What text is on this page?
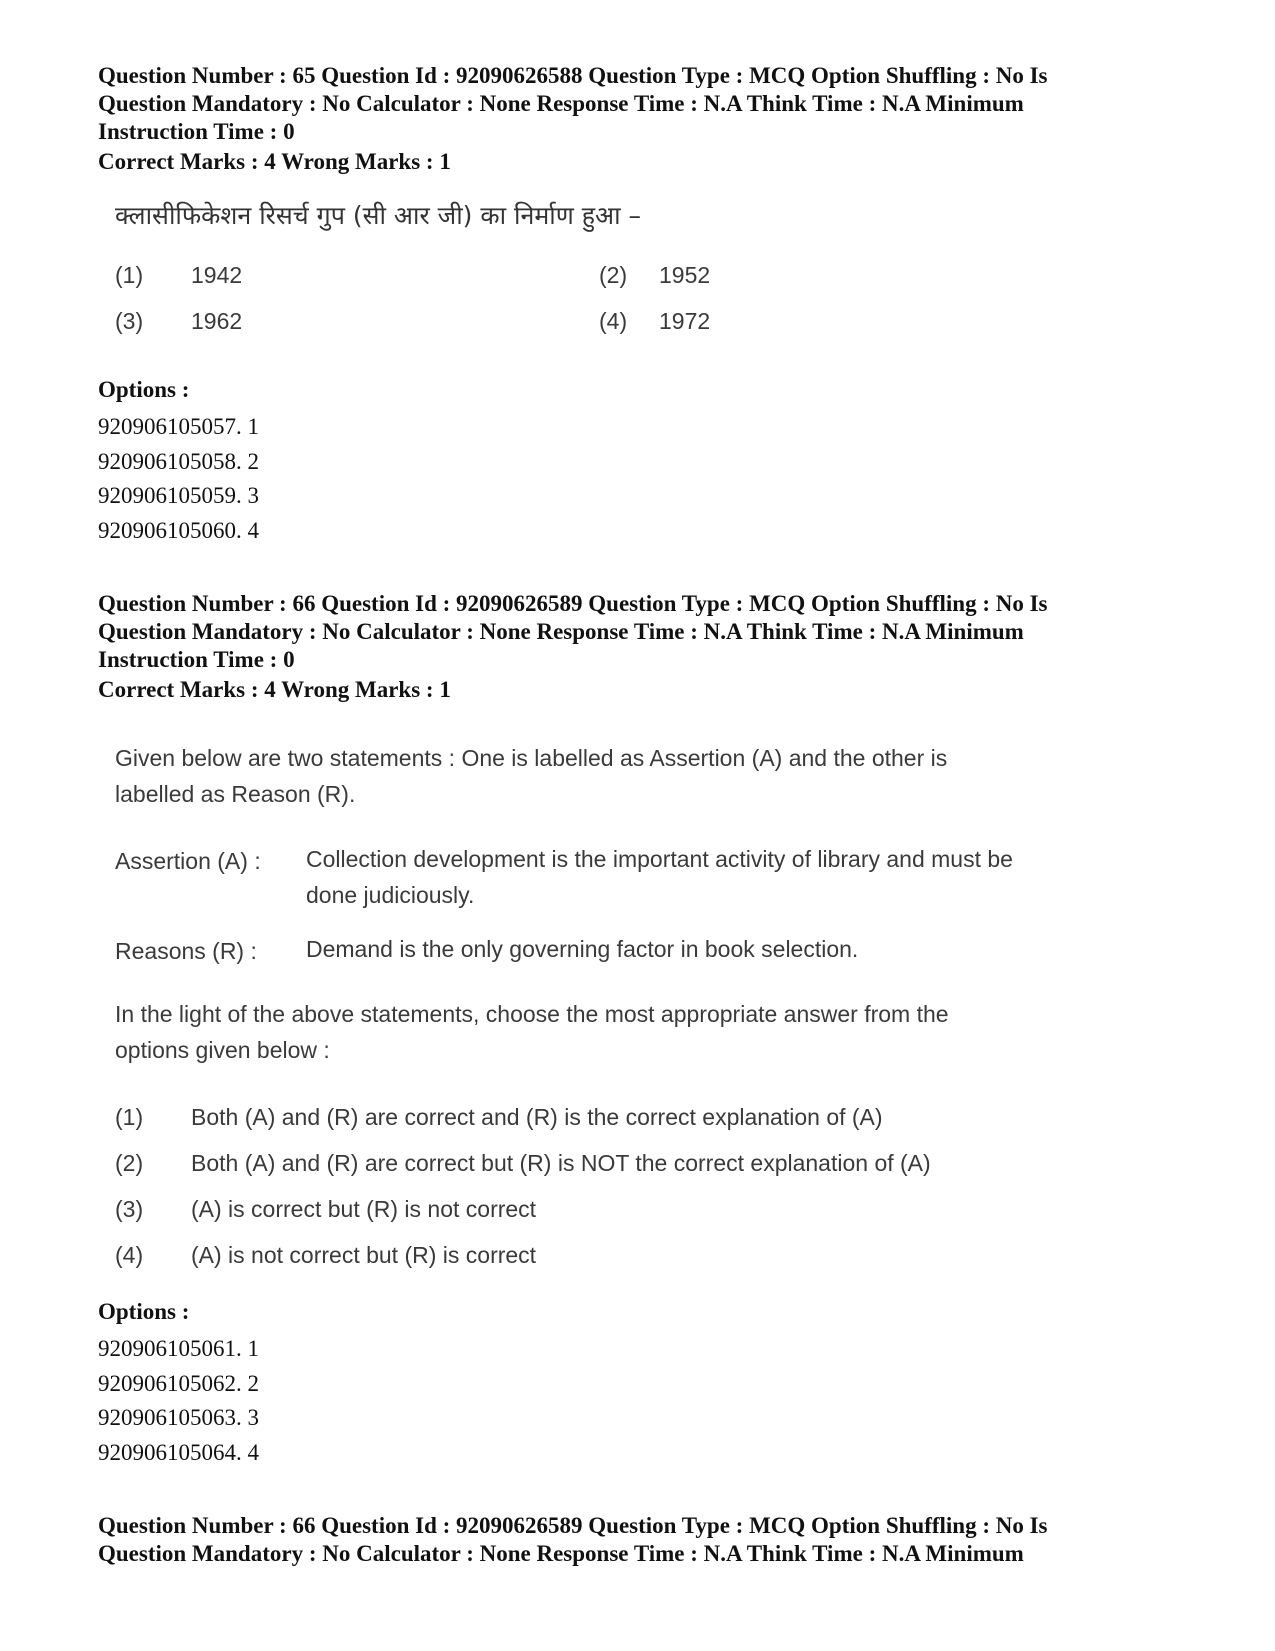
Question Number : 65 Question Id : 92090626588 Question Type : MCQ Option Shuffling : No Is
Question Mandatory : No Calculator : None Response Time : N.A Think Time : N.A Minimum
Instruction Time : 0
Correct Marks : 4 Wrong Marks : 1
क्लासीफिकेशन रिसर्च गुप (सी आर जी) का निर्माण हुआ –
(1) 1942	(2) 1952
(3) 1962	(4) 1972
Options :
920906105057. 1
920906105058. 2
920906105059. 3
920906105060. 4
Question Number : 66 Question Id : 92090626589 Question Type : MCQ Option Shuffling : No Is
Question Mandatory : No Calculator : None Response Time : N.A Think Time : N.A Minimum
Instruction Time : 0
Correct Marks : 4 Wrong Marks : 1
Given below are two statements : One is labelled as Assertion (A) and the other is
labelled as Reason (R).
Assertion (A) : Collection development is the important activity of library and must be
done judiciously.
Reasons (R) : Demand is the only governing factor in book selection.
In the light of the above statements, choose the most appropriate answer from the
options given below :
(1) Both (A) and (R) are correct and (R) is the correct explanation of (A)
(2) Both (A) and (R) are correct but (R) is NOT the correct explanation of (A)
(3) (A) is correct but (R) is not correct
(4) (A) is not correct but (R) is correct
Options :
920906105061. 1
920906105062. 2
920906105063. 3
920906105064. 4
Question Number : 66 Question Id : 92090626589 Question Type : MCQ Option Shuffling : No Is
Question Mandatory : No Calculator : None Response Time : N.A Think Time : N.A Minimum
